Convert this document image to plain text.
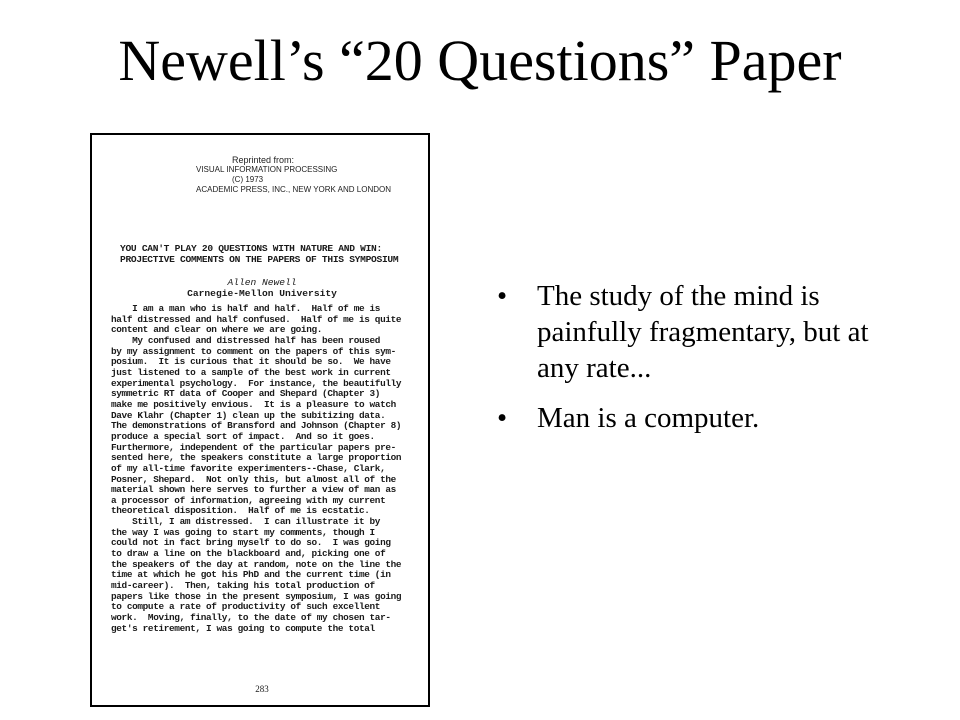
Newell’s “20 Questions” Paper
Reprinted from:
VISUAL INFORMATION PROCESSING
(C) 1973
ACADEMIC PRESS, INC., NEW YORK AND LONDON
YOU CAN'T PLAY 20 QUESTIONS WITH NATURE AND WIN:
PROJECTIVE COMMENTS ON THE PAPERS OF THIS SYMPOSIUM
Allen Newell
Carnegie-Mellon University
I am a man who is half and half.  Half of me is
half distressed and half confused.  Half of me is quite
content and clear on where we are going.
My confused and distressed half has been roused
by my assignment to comment on the papers of this sym-
posium.  It is curious that it should be so.  We have
just listened to a sample of the best work in current
experimental psychology.  For instance, the beautifully
symmetric RT data of Cooper and Shepard (Chapter 3)
make me positively envious.  It is a pleasure to watch
Dave Klahr (Chapter 1) clean up the subitizing data.
The demonstrations of Bransford and Johnson (Chapter 8)
produce a special sort of impact.  And so it goes.
Furthermore, independent of the particular papers pre-
sented here, the speakers constitute a large proportion
of my all-time favorite experimenters--Chase, Clark,
Posner, Shepard.  Not only this, but almost all of the
material shown here serves to further a view of man as
a processor of information, agreeing with my current
theoretical disposition.  Half of me is ecstatic.
Still, I am distressed.  I can illustrate it by
the way I was going to start my comments, though I
could not in fact bring myself to do so.  I was going
to draw a line on the blackboard and, picking one of
the speakers of the day at random, note on the line the
time at which he got his PhD and the current time (in
mid-career).  Then, taking his total production of
papers like those in the present symposium, I was going
to compute a rate of productivity of such excellent
work.  Moving, finally, to the date of my chosen tar-
get's retirement, I was going to compute the total
283
• The study of the mind is painfully fragmentary, but at any rate...
• Man is a computer.
